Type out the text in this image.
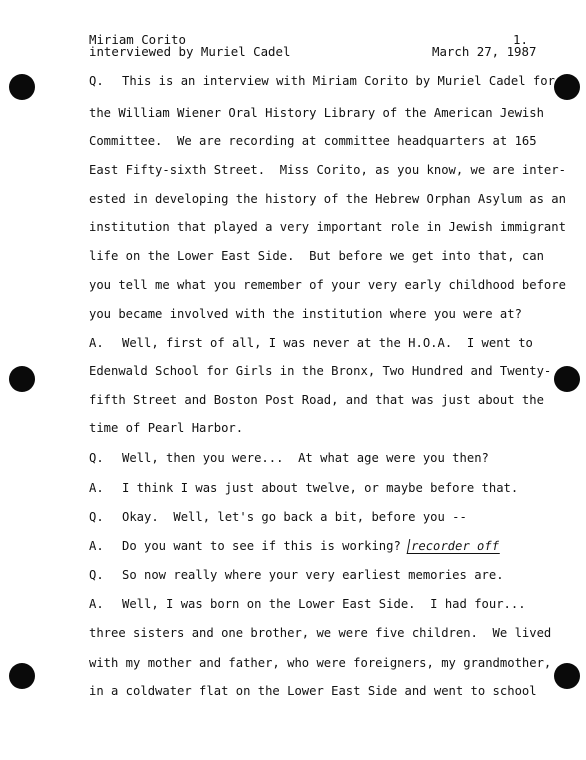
Miriam Corito
interviewed by Muriel Cadel
1.
March 27, 1987
Q. This is an interview with Miriam Corito by Muriel Cadel for
the William Wiener Oral History Library of the American Jewish
Committee.  We are recording at committee headquarters at 165
East Fifty-sixth Street.  Miss Corito, as you know, we are inter-
ested in developing the history of the Hebrew Orphan Asylum as an
institution that played a very important role in Jewish immigrant
life on the Lower East Side.  But before we get into that, can
you tell me what you remember of your very early childhood before
you became involved with the institution where you were at?
A. Well, first of all, I was never at the H.O.A.  I went to
Edenwald School for Girls in the Bronx, Two Hundred and Twenty-
fifth Street and Boston Post Road, and that was just about the
time of Pearl Harbor.
Q. Well, then you were...  At what age were you then?
A. I think I was just about twelve, or maybe before that.
Q. Okay.  Well, let's go back a bit, before you --
A. Do you want to see if this is working? recorder off
Q. So now really where your very earliest memories are.
A. Well, I was born on the Lower East Side.  I had four...
three sisters and one brother, we were five children.  We lived
with my mother and father, who were foreigners, my grandmother,
in a coldwater flat on the Lower East Side and went to school
